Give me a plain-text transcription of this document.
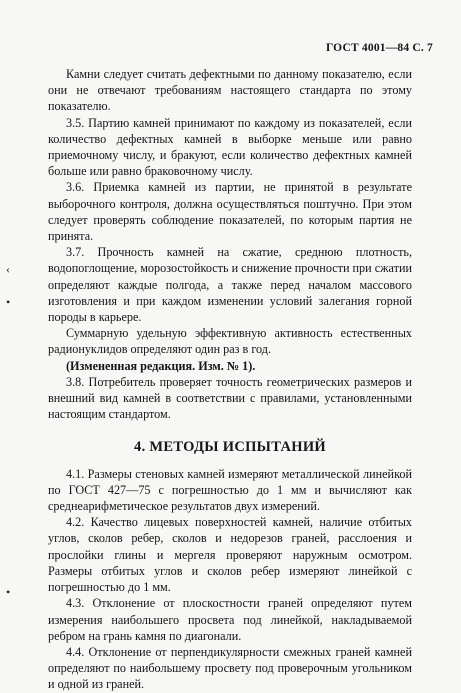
ГОСТ 4001—84 С. 7
‹
•
•

Камни следует считать дефектными по данному показателю, если они не отвечают требованиям настоящего стандарта по этому показателю.

3.5. Партию камней принимают по каждому из показателей, если количество дефектных камней в выборке меньше или равно приемочному числу, и бракуют, если количество дефектных камней больше или равно браковочному числу.

3.6. Приемка камней из партии, не принятой в результате выборочного контроля, должна осуществляться поштучно. При этом следует проверять соблюдение показателей, по которым партия не принята.

3.7. Прочность камней на сжатие, среднюю плотность, водопоглощение, морозостойкость и снижение прочности при сжатии определяют каждые полгода, а также перед началом массового изготовления и при каждом изменении условий залегания горной породы в карьере.

Суммарную удельную эффективную активность естественных радионуклидов определяют один раз в год.

(Измененная редакция. Изм. № 1).

3.8. Потребитель проверяет точность геометрических размеров и внешний вид камней в соответствии с правилами, установленными настоящим стандартом.

4. МЕТОДЫ ИСПЫТАНИЙ

4.1. Размеры стеновых камней измеряют металлической линейкой по ГОСТ 427—75 с погрешностью до 1 мм и вычисляют как среднеарифметическое результатов двух измерений.

4.2. Качество лицевых поверхностей камней, наличие отбитых углов, сколов ребер, сколов и недорезов граней, расслоения и прослойки глины и мергеля проверяют наружным осмотром. Размеры отбитых углов и сколов ребер измеряют линейкой с погрешностью до 1 мм.

4.3. Отклонение от плоскостности граней определяют путем измерения наибольшего просвета под линейкой, накладываемой ребром на грань камня по диагонали.

4.4. Отклонение от перпендикулярности смежных граней камней определяют по наибольшему просвету под проверочным угольником и одной из граней.
